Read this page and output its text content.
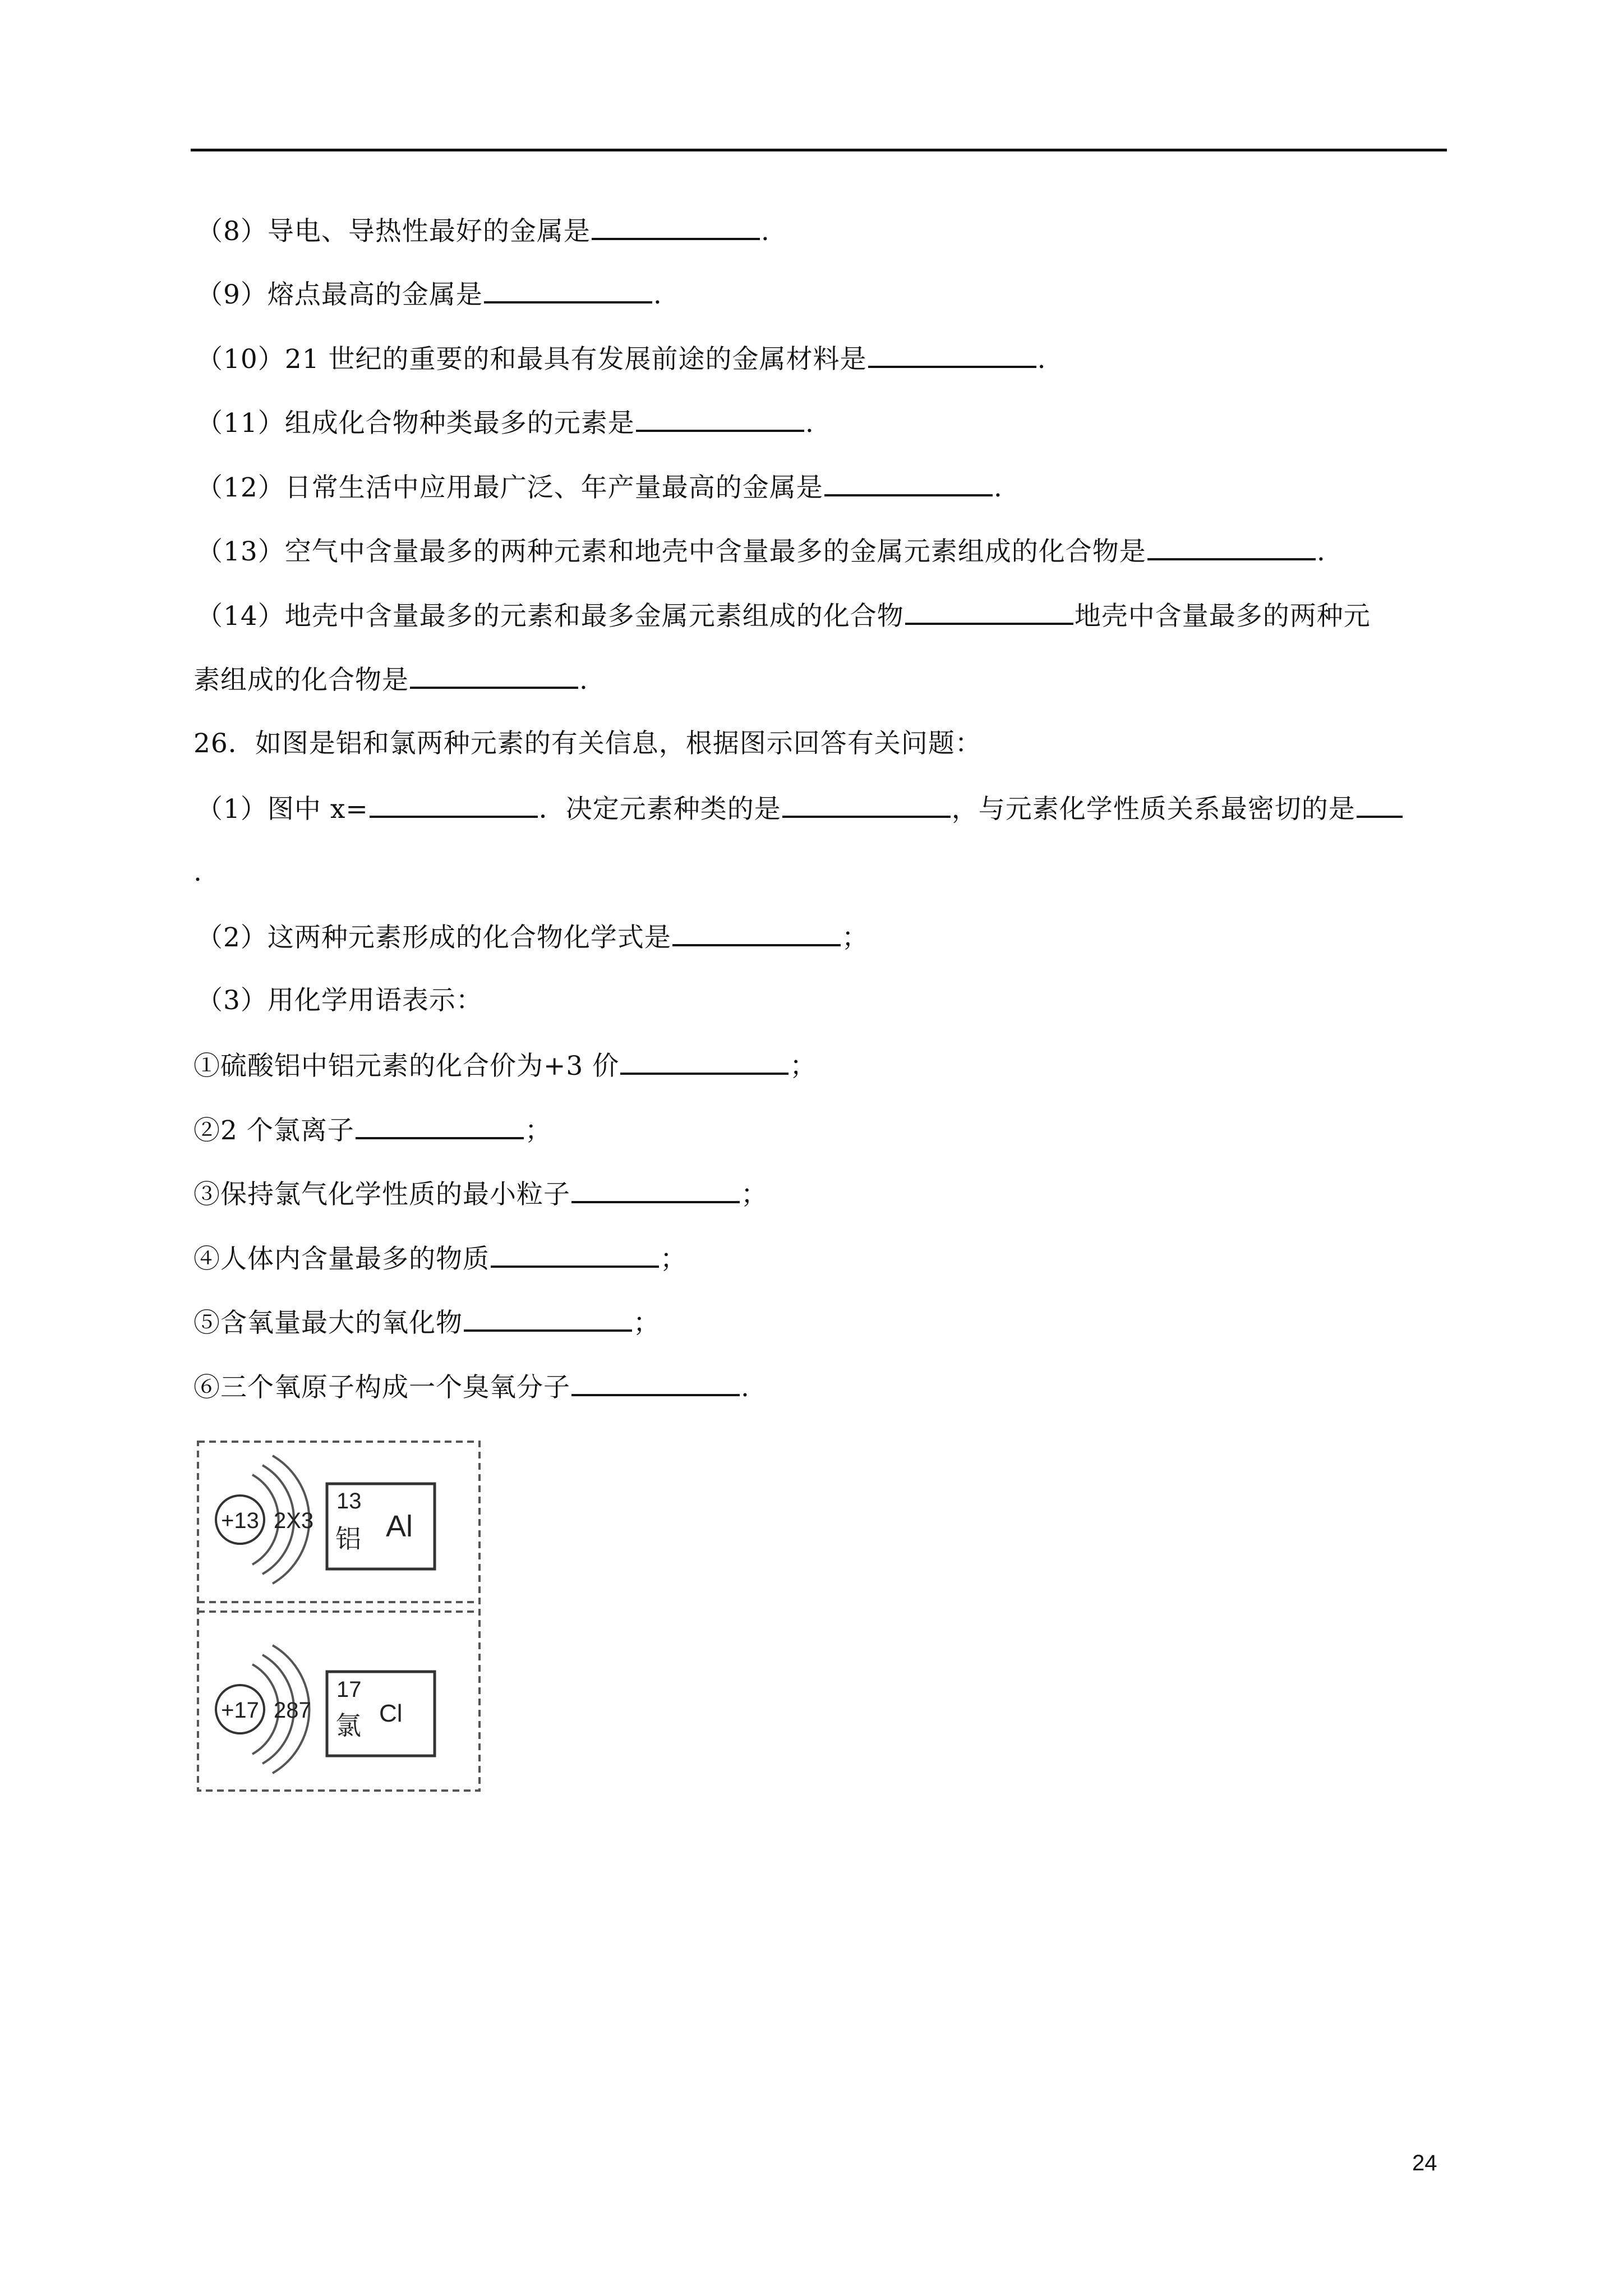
（8）导电、导热性最好的金属是	.
（9）熔点最高的金属是	.
（10）21 世纪的重要的和最具有发展前途的金属材料是	.
（11）组成化合物种类最多的元素是	.
（12）日常生活中应用最广泛、年产量最高的金属是	.
（13）空气中含量最多的两种元素和地壳中含量最多的金属元素组成的化合物是	.
（14）地壳中含量最多的元素和最多金属元素组成的化合物	地壳中含量最多的两种元
素组成的化合物是	.
26．如图是铝和氯两种元素的有关信息，根据图示回答有关问题：
（1）图中 x=	．决定元素种类的是	，与元素化学性质关系最密切的是
.
（2）这两种元素形成的化合物化学式是	；
（3）用化学用语表示：
①硫酸铝中铝元素的化合价为+3 价	；
②2 个氯离子	；
③保持氯气化学性质的最小粒子	；
④人体内含量最多的物质	；
⑤含氧量最大的氧化物	；
⑥三个氧原子构成一个臭氧分子	.
+13 2X3
13
铝 Al
+17 287
17
氯 Cl
24
